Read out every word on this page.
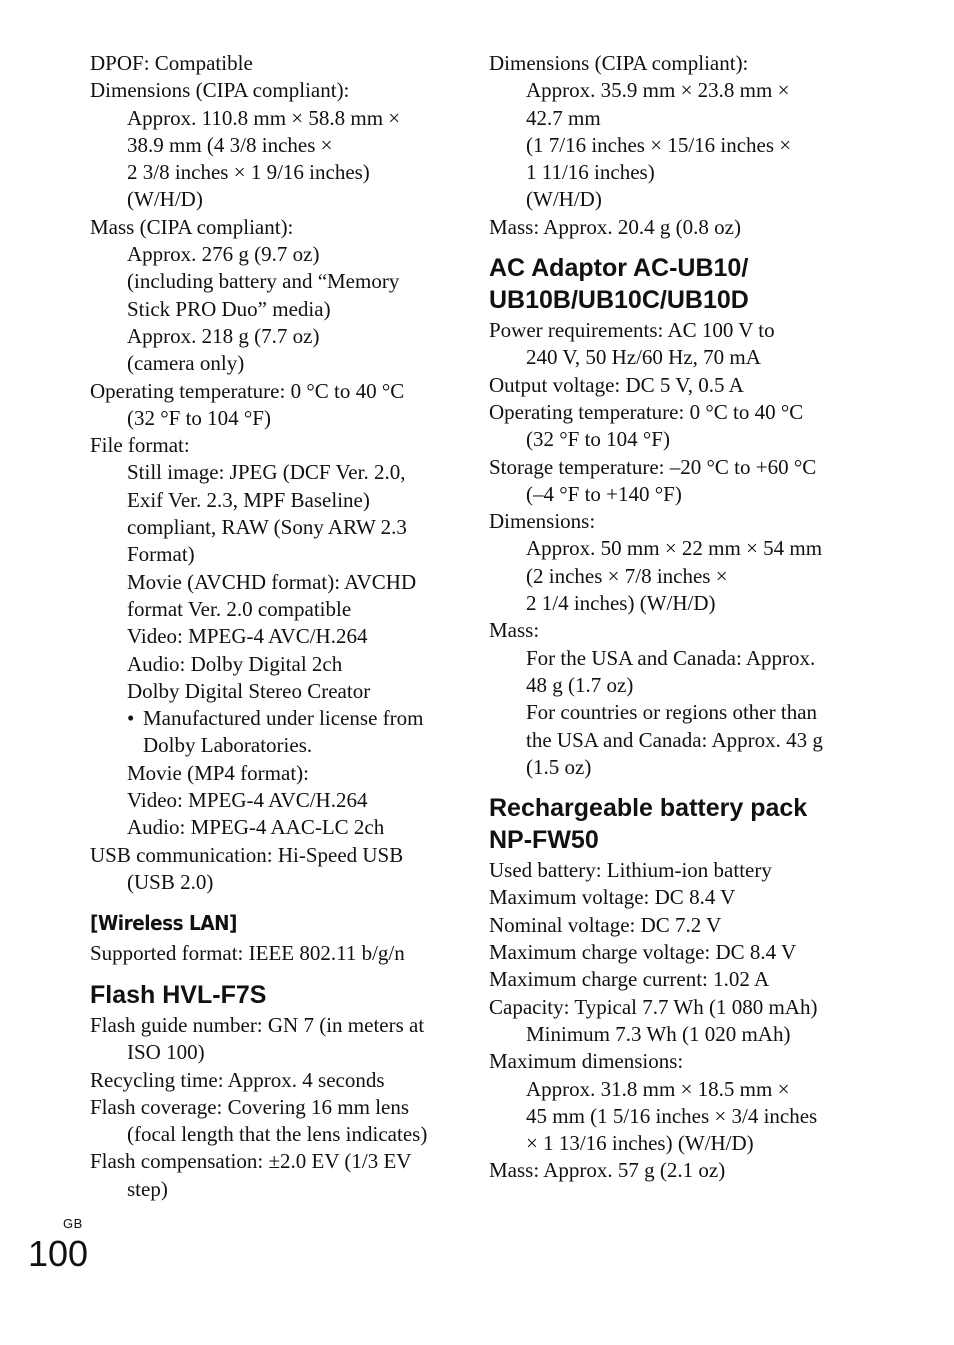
DPOF: Compatible
Dimensions (CIPA compliant):
Approx. 110.8 mm × 58.8 mm ×
38.9 mm (4 3/8 inches ×
2 3/8 inches × 1 9/16 inches)
(W/H/D)
Mass (CIPA compliant):
Approx. 276 g (9.7 oz)
(including battery and “Memory
Stick PRO Duo” media)
Approx. 218 g (7.7 oz)
(camera only)
Operating temperature: 0 °C to 40 °C
(32 °F to 104 °F)
File format:
Still image: JPEG (DCF Ver. 2.0,
Exif Ver. 2.3, MPF Baseline)
compliant, RAW (Sony ARW 2.3
Format)
Movie (AVCHD format): AVCHD
format Ver. 2.0 compatible
Video: MPEG-4 AVC/H.264
Audio: Dolby Digital 2ch
Dolby Digital Stereo Creator
• Manufactured under license from
Dolby Laboratories.
Movie (MP4 format):
Video: MPEG-4 AVC/H.264
Audio: MPEG-4 AAC-LC 2ch
USB communication: Hi-Speed USB
(USB 2.0)
[Wireless LAN]
Supported format: IEEE 802.11 b/g/n
Flash HVL-F7S
Flash guide number: GN 7 (in meters at
ISO 100)
Recycling time: Approx. 4 seconds
Flash coverage: Covering 16 mm lens
(focal length that the lens indicates)
Flash compensation: ±2.0 EV (1/3 EV
step)
Dimensions (CIPA compliant):
Approx. 35.9 mm × 23.8 mm ×
42.7 mm
(1 7/16 inches × 15/16 inches ×
1 11/16 inches)
(W/H/D)
Mass: Approx. 20.4 g (0.8 oz)
AC Adaptor AC-UB10/
UB10B/UB10C/UB10D
Power requirements: AC 100 V to
240 V, 50 Hz/60 Hz, 70 mA
Output voltage: DC 5 V, 0.5 A
Operating temperature: 0 °C to 40 °C
(32 °F to 104 °F)
Storage temperature: –20 °C to +60 °C
(–4 °F to +140 °F)
Dimensions:
Approx. 50 mm × 22 mm × 54 mm
(2 inches × 7/8 inches ×
2 1/4 inches) (W/H/D)
Mass:
For the USA and Canada: Approx.
48 g (1.7 oz)
For countries or regions other than
the USA and Canada: Approx. 43 g
(1.5 oz)
Rechargeable battery pack
NP-FW50
Used battery: Lithium-ion battery
Maximum voltage: DC 8.4 V
Nominal voltage: DC 7.2 V
Maximum charge voltage: DC 8.4 V
Maximum charge current: 1.02 A
Capacity: Typical 7.7 Wh (1 080 mAh)
Minimum 7.3 Wh (1 020 mAh)
Maximum dimensions:
Approx. 31.8 mm × 18.5 mm ×
45 mm (1 5/16 inches × 3/4 inches
× 1 13/16 inches) (W/H/D)
Mass: Approx. 57 g (2.1 oz)
GB
100
